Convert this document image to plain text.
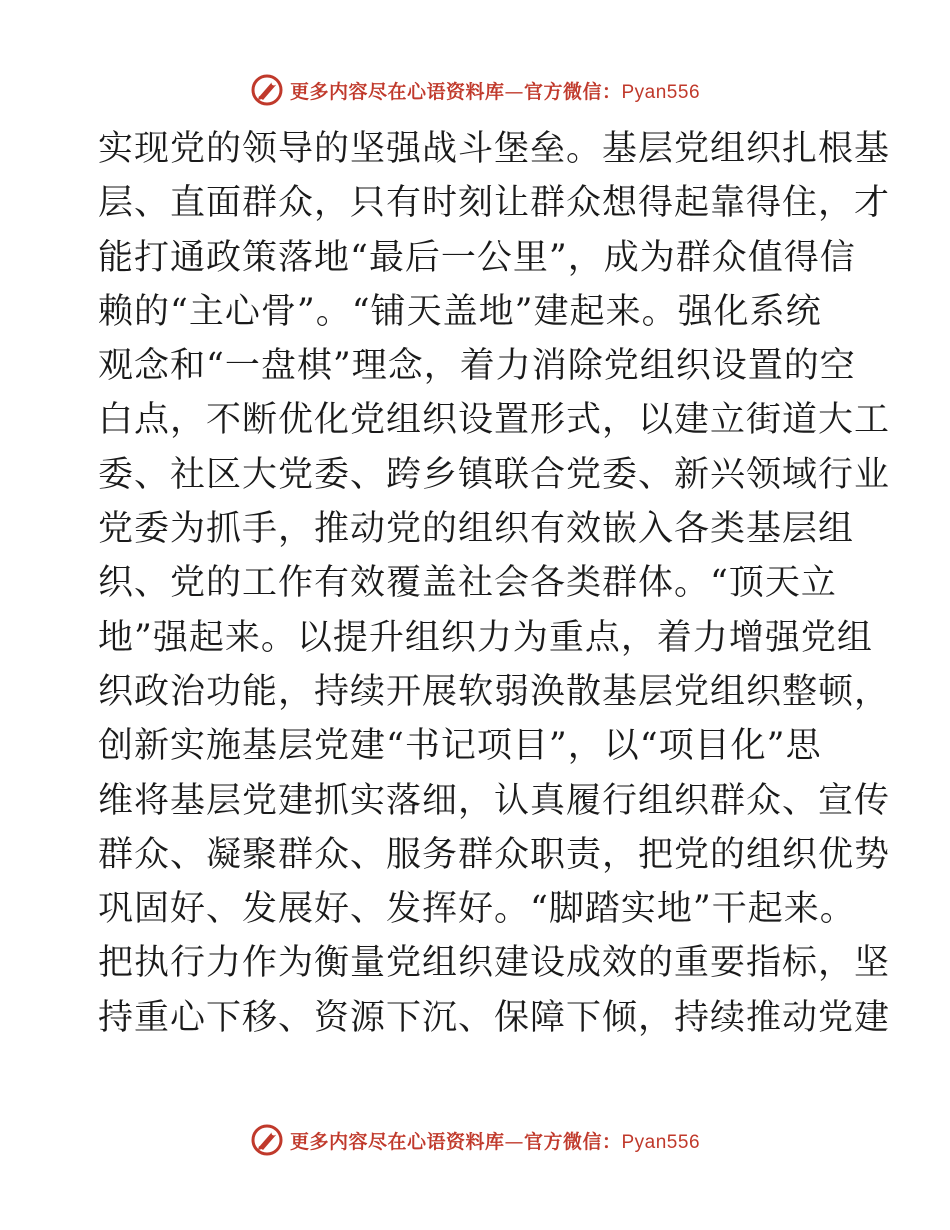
更多内容尽在心语资料库—官方微信：Pyan556
实现党的领导的坚强战斗堡垒。基层党组织扎根基
层、直面群众，只有时刻让群众想得起靠得住，才
能打通政策落地“最后一公里”，成为群众值得信
赖的“主心骨”。“铺天盖地”建起来。强化系统
观念和“一盘棋”理念，着力消除党组织设置的空
白点，不断优化党组织设置形式，以建立街道大工
委、社区大党委、跨乡镇联合党委、新兴领域行业
党委为抓手，推动党的组织有效嵌入各类基层组
织、党的工作有效覆盖社会各类群体。“顶天立
地”强起来。以提升组织力为重点，着力增强党组
织政治功能，持续开展软弱涣散基层党组织整顿，
创新实施基层党建“书记项目”，以“项目化”思
维将基层党建抓实落细，认真履行组织群众、宣传
群众、凝聚群众、服务群众职责，把党的组织优势
巩固好、发展好、发挥好。“脚踏实地”干起来。
把执行力作为衡量党组织建设成效的重要指标，坚
持重心下移、资源下沉、保障下倾，持续推动党建
更多内容尽在心语资料库—官方微信：Pyan556
